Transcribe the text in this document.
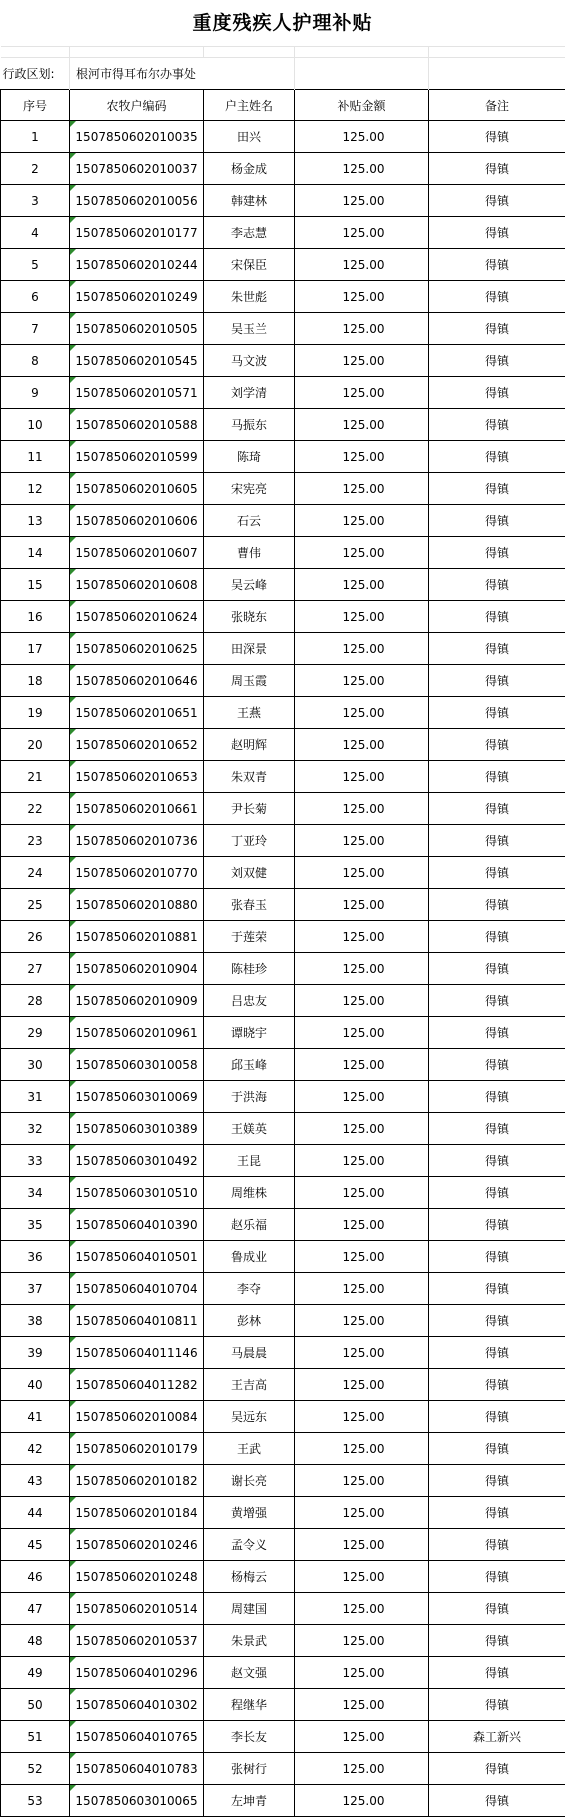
重度残疾人护理补贴

行政区划:	根河市得耳布尔办事处			
序号	农牧户编码	户主姓名	补贴金额	备注
1	1507850602010035	田兴	125.00	得镇
2	1507850602010037	杨金成	125.00	得镇
3	1507850602010056	韩建林	125.00	得镇
4	1507850602010177	李志慧	125.00	得镇
5	1507850602010244	宋保臣	125.00	得镇
6	1507850602010249	朱世彪	125.00	得镇
7	1507850602010505	吴玉兰	125.00	得镇
8	1507850602010545	马文波	125.00	得镇
9	1507850602010571	刘学清	125.00	得镇
10	1507850602010588	马振东	125.00	得镇
11	1507850602010599	陈琦	125.00	得镇
12	1507850602010605	宋宪亮	125.00	得镇
13	1507850602010606	石云	125.00	得镇
14	1507850602010607	曹伟	125.00	得镇
15	1507850602010608	吴云峰	125.00	得镇
16	1507850602010624	张晓东	125.00	得镇
17	1507850602010625	田深景	125.00	得镇
18	1507850602010646	周玉霞	125.00	得镇
19	1507850602010651	王燕	125.00	得镇
20	1507850602010652	赵明辉	125.00	得镇
21	1507850602010653	朱双青	125.00	得镇
22	1507850602010661	尹长菊	125.00	得镇
23	1507850602010736	丁亚玲	125.00	得镇
24	1507850602010770	刘双健	125.00	得镇
25	1507850602010880	张春玉	125.00	得镇
26	1507850602010881	于莲荣	125.00	得镇
27	1507850602010904	陈桂珍	125.00	得镇
28	1507850602010909	吕忠友	125.00	得镇
29	1507850602010961	谭晓宇	125.00	得镇
30	1507850603010058	邱玉峰	125.00	得镇
31	1507850603010069	于洪海	125.00	得镇
32	1507850603010389	王媄英	125.00	得镇
33	1507850603010492	王昆	125.00	得镇
34	1507850603010510	周维株	125.00	得镇
35	1507850604010390	赵乐福	125.00	得镇
36	1507850604010501	鲁成业	125.00	得镇
37	1507850604010704	李夺	125.00	得镇
38	1507850604010811	彭林	125.00	得镇
39	1507850604011146	马晨晨	125.00	得镇
40	1507850604011282	王吉高	125.00	得镇
41	1507850602010084	吴远东	125.00	得镇
42	1507850602010179	王武	125.00	得镇
43	1507850602010182	谢长亮	125.00	得镇
44	1507850602010184	黄增强	125.00	得镇
45	1507850602010246	孟令义	125.00	得镇
46	1507850602010248	杨梅云	125.00	得镇
47	1507850602010514	周建国	125.00	得镇
48	1507850602010537	朱景武	125.00	得镇
49	1507850604010296	赵文强	125.00	得镇
50	1507850604010302	程继华	125.00	得镇
51	1507850604010765	李长友	125.00	森工新兴
52	1507850604010783	张树行	125.00	得镇
53	1507850603010065	左坤青	125.00	得镇
